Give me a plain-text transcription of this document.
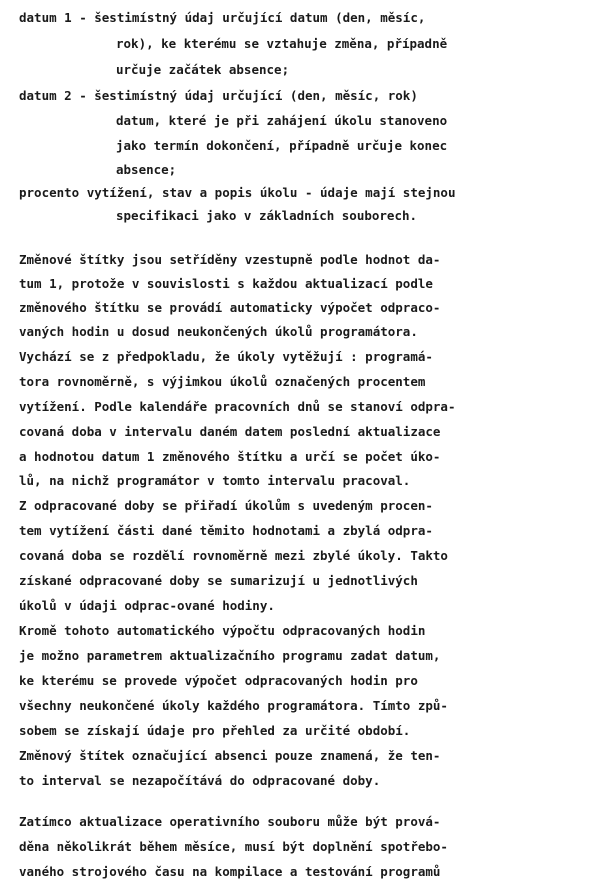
datum 1 - šestimístný údaj určující datum (den, měsíc,
rok), ke kterému se vztahuje změna, případně
určuje začátek absence;
datum 2 - šestimístný údaj určující (den, měsíc, rok)
datum, které je při zahájení úkolu stanoveno
jako termín dokončení, případně určuje konec
absence;
procento vytížení, stav a popis úkolu - údaje mají stejnou
specifikaci jako v základních souborech.
Změnové štítky jsou setříděny vzestupně podle hodnot da-
tum 1, protože v souvislosti s každou aktualizací podle
změnového štítku se provádí automaticky výpočet odpraco-
vaných hodin u dosud neukončených úkolů programátora.
Vychází se z předpokladu, že úkoly vytěžují : programá-
tora rovnoměrně, s výjimkou úkolů označených procentem
vytížení. Podle kalendáře pracovních dnů se stanoví odpra-
covaná doba v intervalu daném datem poslední aktualizace
a hodnotou datum 1 změnového štítku a určí se počet úko-
lů, na nichž programátor v tomto intervalu pracoval.
Z odpracované doby se přiřadí úkolům s uvedeným procen-
tem vytížení části dané těmito hodnotami a zbylá odpra-
covaná doba se rozdělí rovnoměrně mezi zbylé úkoly. Takto
získané odpracované doby se sumarizují u jednotlivých
úkolů v údaji odprac-ované hodiny.
Kromě tohoto automatického výpočtu odpracovaných hodin
je možno parametrem aktualizačního programu zadat datum,
ke kterému se provede výpočet odpracovaných hodin pro
všechny neukončené úkoly každého programátora. Tímto způ-
sobem se získají údaje pro přehled za určité období.
Změnový štítek označující absenci pouze znamená, že ten-
to interval se nezapočítává do odpracované doby.
Zatímco aktualizace operativního souboru může být prová-
děna několikrát během měsíce, musí být doplnění spotřebo-
vaného strojového času na kompilace a testování programů
